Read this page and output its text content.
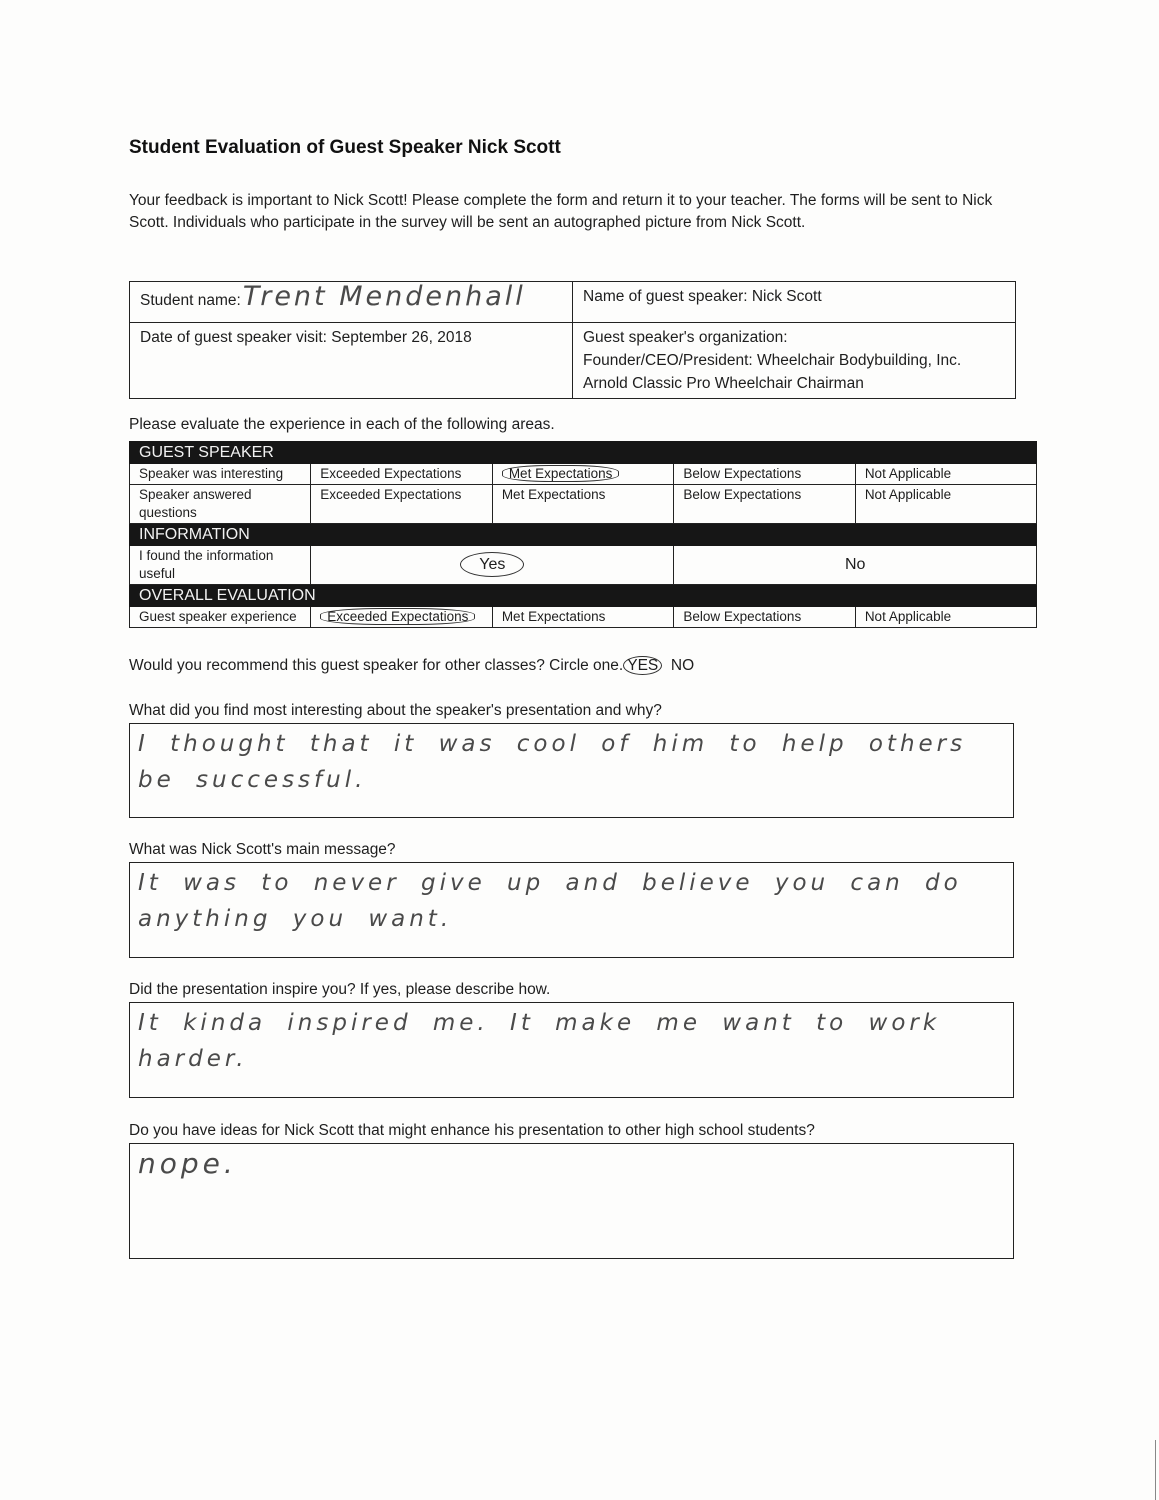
Student Evaluation of Guest Speaker Nick Scott
Your feedback is important to Nick Scott! Please complete the form and return it to your teacher. The forms will be sent to Nick Scott. Individuals who participate in the survey will be sent an autographed picture from Nick Scott.
Student name:Trent Mendenhall	Name of guest speaker: Nick Scott
Date of guest speaker visit: September 26, 2018	Guest speaker's organization:
Founder/CEO/President: Wheelchair Bodybuilding, Inc.
Arnold Classic Pro Wheelchair Chairman
Please evaluate the experience in each of the following areas.
GUEST SPEAKER				
Speaker was interesting	Exceeded Expectations	Met Expectations	Below Expectations	Not Applicable
Speaker answered questions	Exceeded Expectations	Met Expectations	Below Expectations	Not Applicable
INFORMATION				
I found the information useful	Yes		No	
OVERALL EVALUATION				
Guest speaker experience	Exceeded Expectations	Met Expectations	Below Expectations	Not Applicable
Would you recommend this guest speaker for other classes? Circle one. YES NO
What did you find most interesting about the speaker's presentation and why?
I thought that it was cool of him to help others be successful.
What was Nick Scott's main message?
It was to never give up and believe you can do anything you want.
Did the presentation inspire you? If yes, please describe how.
It kinda inspired me. It make me want to work harder.
Do you have ideas for Nick Scott that might enhance his presentation to other high school students?
nope.
